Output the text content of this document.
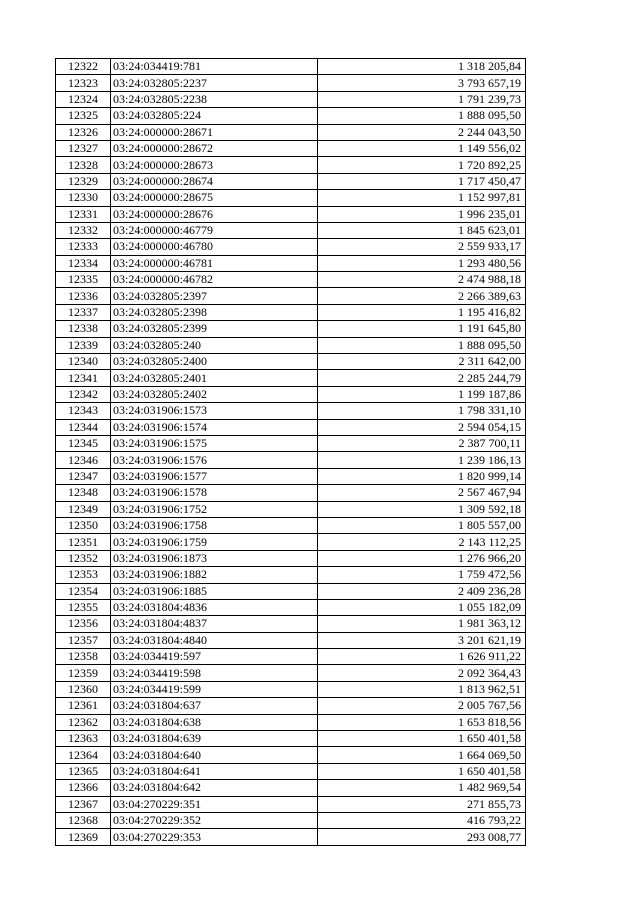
12322	03:24:034419:781	1 318 205,84
12323	03:24:032805:2237	3 793 657,19
12324	03:24:032805:2238	1 791 239,73
12325	03:24:032805:224	1 888 095,50
12326	03:24:000000:28671	2 244 043,50
12327	03:24:000000:28672	1 149 556,02
12328	03:24:000000:28673	1 720 892,25
12329	03:24:000000:28674	1 717 450,47
12330	03:24:000000:28675	1 152 997,81
12331	03:24:000000:28676	1 996 235,01
12332	03:24:000000:46779	1 845 623,01
12333	03:24:000000:46780	2 559 933,17
12334	03:24:000000:46781	1 293 480,56
12335	03:24:000000:46782	2 474 988,18
12336	03:24:032805:2397	2 266 389,63
12337	03:24:032805:2398	1 195 416,82
12338	03:24:032805:2399	1 191 645,80
12339	03:24:032805:240	1 888 095,50
12340	03:24:032805:2400	2 311 642,00
12341	03:24:032805:2401	2 285 244,79
12342	03:24:032805:2402	1 199 187,86
12343	03:24:031906:1573	1 798 331,10
12344	03:24:031906:1574	2 594 054,15
12345	03:24:031906:1575	2 387 700,11
12346	03:24:031906:1576	1 239 186,13
12347	03:24:031906:1577	1 820 999,14
12348	03:24:031906:1578	2 567 467,94
12349	03:24:031906:1752	1 309 592,18
12350	03:24:031906:1758	1 805 557,00
12351	03:24:031906:1759	2 143 112,25
12352	03:24:031906:1873	1 276 966,20
12353	03:24:031906:1882	1 759 472,56
12354	03:24:031906:1885	2 409 236,28
12355	03:24:031804:4836	1 055 182,09
12356	03:24:031804:4837	1 981 363,12
12357	03:24:031804:4840	3 201 621,19
12358	03:24:034419:597	1 626 911,22
12359	03:24:034419:598	2 092 364,43
12360	03:24:034419:599	1 813 962,51
12361	03:24:031804:637	2 005 767,56
12362	03:24:031804:638	1 653 818,56
12363	03:24:031804:639	1 650 401,58
12364	03:24:031804:640	1 664 069,50
12365	03:24:031804:641	1 650 401,58
12366	03:24:031804:642	1 482 969,54
12367	03:04:270229:351	271 855,73
12368	03:04:270229:352	416 793,22
12369	03:04:270229:353	293 008,77
